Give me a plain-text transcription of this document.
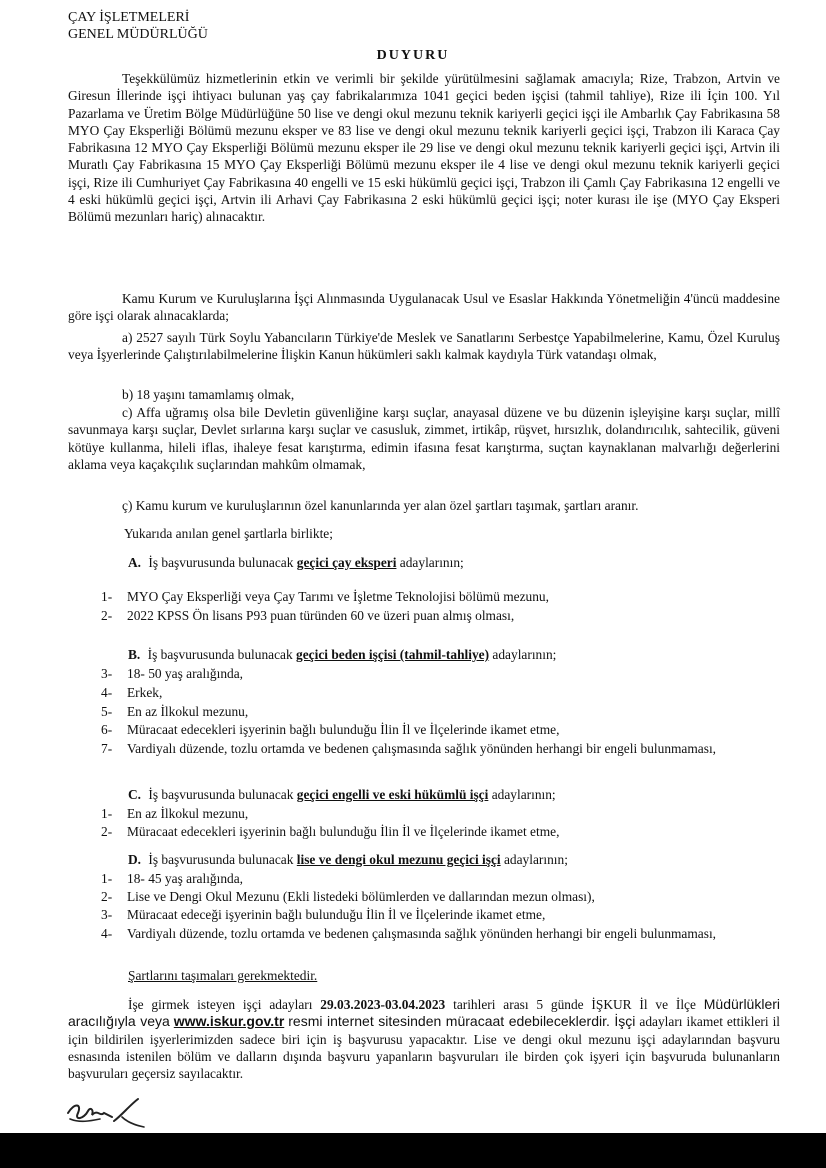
ÇAY İŞLETMELERİ
GENEL MÜDÜRLÜĞÜ
DUYURU

Teşekkülümüz hizmetlerinin etkin ve verimli bir şekilde yürütülmesini sağlamak amacıyla; Rize, Trabzon, Artvin ve Giresun İllerinde işçi ihtiyacı bulunan yaş çay fabrikalarımıza 1041 geçici beden işçisi (tahmil tahliye), Rize ili İçin 100. Yıl Pazarlama ve Üretim Bölge Müdürlüğüne 50 lise ve dengi okul mezunu teknik kariyerli geçici işçi ile Ambarlık Çay Fabrikasına 58 MYO Çay Eksperliği Bölümü mezunu eksper ve 83 lise ve dengi okul mezunu teknik kariyerli geçici işçi, Trabzon ili Karaca Çay Fabrikasına 12 MYO Çay Eksperliği Bölümü mezunu eksper ile 29 lise ve dengi okul mezunu teknik kariyerli geçici işçi, Artvin ili Muratlı Çay Fabrikasına 15 MYO Çay Eksperliği Bölümü mezunu eksper ile 4 lise ve dengi okul mezunu teknik kariyerli geçici işçi, Rize ili Cumhuriyet Çay Fabrikasına 40 engelli ve 15 eski hükümlü geçici işçi, Trabzon ili Çamlı Çay Fabrikasına 12 engelli ve 4 eski hükümlü geçici işçi, Artvin ili Arhavi Çay Fabrikasına 2 eski hükümlü geçici işçi; noter kurası ile işe (MYO Çay Eksperi Bölümü mezunları hariç) alınacaktır.

Kamu Kurum ve Kuruluşlarına İşçi Alınmasında Uygulanacak Usul ve Esaslar Hakkında Yönetmeliğin 4'üncü maddesine göre işçi olarak alınacaklarda;

a) 2527 sayılı Türk Soylu Yabancıların Türkiye'de Meslek ve Sanatlarını Serbestçe Yapabilmelerine, Kamu, Özel Kuruluş veya İşyerlerinde Çalıştırılabilmelerine İlişkin Kanun hükümleri saklı kalmak kaydıyla Türk vatandaşı olmak,

b) 18 yaşını tamamlamış olmak,

c) Affa uğramış olsa bile Devletin güvenliğine karşı suçlar, anayasal düzene ve bu düzenin işleyişine karşı suçlar, millî savunmaya karşı suçlar, Devlet sırlarına karşı suçlar ve casusluk, zimmet, irtikâp, rüşvet, hırsızlık, dolandırıcılık, sahtecilik, güveni kötüye kullanma, hileli iflas, ihaleye fesat karıştırma, edimin ifasına fesat karıştırma, suçtan kaynaklanan malvarlığı değerlerini aklama veya kaçakçılık suçlarından mahkûm olmamak,

ç) Kamu kurum ve kuruluşlarının özel kanunlarında yer alan özel şartları taşımak, şartları aranır.

Yukarıda anılan genel şartlarla birlikte;

A. İş başvurusunda bulunacak geçici çay eksperi adaylarının;

1-	MYO Çay Eksperliği veya Çay Tarımı ve İşletme Teknolojisi bölümü mezunu,
2-	2022 KPSS Ön lisans P93 puan türünden 60 ve üzeri puan almış olması,

B. İş başvurusunda bulunacak geçici beden işçisi (tahmil-tahliye) adaylarının;

3-	18- 50 yaş aralığında,
4-	Erkek,
5-	En az İlkokul mezunu,
6-	Müracaat edecekleri işyerinin bağlı bulunduğu İlin İl ve İlçelerinde ikamet etme,
7-	Vardiyalı düzende, tozlu ortamda ve bedenen çalışmasında sağlık yönünden herhangi bir engeli bulunmaması,

C. İş başvurusunda bulunacak geçici engelli ve eski hükümlü işçi adaylarının;

1-	En az İlkokul mezunu,
2-	Müracaat edecekleri işyerinin bağlı bulunduğu İlin İl ve İlçelerinde ikamet etme,

D. İş başvurusunda bulunacak lise ve dengi okul mezunu geçici işçi adaylarının;

1-	18- 45 yaş aralığında,
2-	Lise ve Dengi Okul Mezunu (Ekli listedeki bölümlerden ve dallarından mezun olması),
3-	Müracaat edeceği işyerinin bağlı bulunduğu İlin İl ve İlçelerinde ikamet etme,
4-	Vardiyalı düzende, tozlu ortamda ve bedenen çalışmasında sağlık yönünden herhangi bir engeli bulunmaması,

Şartlarını taşımaları gerekmektedir.

İşe girmek isteyen işçi adayları 29.03.2023-03.04.2023 tarihleri arası 5 günde İŞKUR İl ve İlçe Müdürlükleri aracılığıyla veya www.iskur.gov.tr resmi internet sitesinden müracaat edebileceklerdir. İşçi adayları ikamet ettikleri il için bildirilen işyerlerimizden sadece biri için iş başvurusu yapacaktır. Lise ve dengi okul mezunu işçi adaylarından başvuru esnasında istenilen bölüm ve dalların dışında başvuru yapanların başvuruları ile birden çok işyeri için başvuruda bulunanların başvuruları geçersiz sayılacaktır.
